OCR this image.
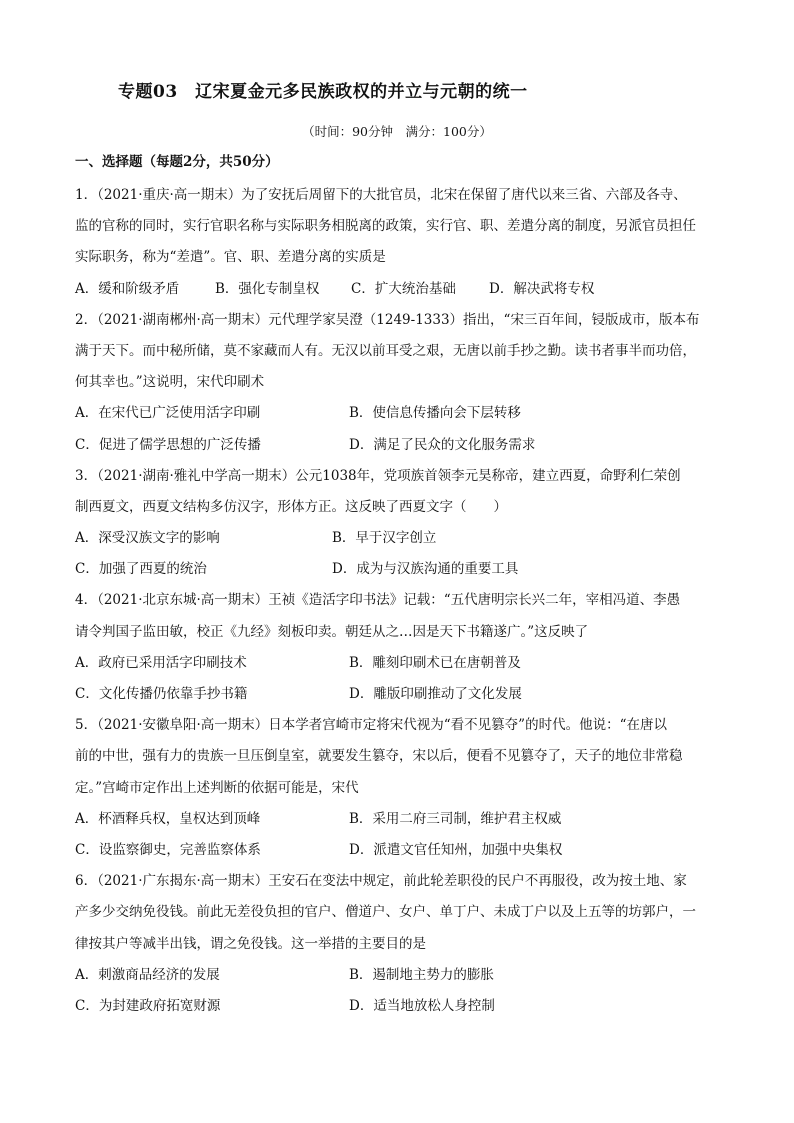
专题03　辽宋夏金元多民族政权的并立与元朝的统一
（时间：90分钟　满分：100分）
一、选择题（每题2分，共50分）
1．（2021·重庆·高一期末）为了安抚后周留下的大批官员，北宋在保留了唐代以来三省、六部及各寺、
监的官称的同时，实行官职名称与实际职务相脱离的政策，实行官、职、差遣分离的制度，另派官员担任
实际职务，称为“差遣”。官、职、差遣分离的实质是
A．缓和阶级矛盾	B．强化专制皇权 C．扩大统治基础 D．解决武将专权
2．（2021·湖南郴州·高一期末）元代理学家吴澄（1249-1333）指出，“宋三百年间，锓版成市，版本布
满于天下。而中秘所储，莫不家藏而人有。无汉以前耳受之艰，无唐以前手抄之勤。读书者事半而功倍，
何其幸也。”这说明，宋代印刷术
A．在宋代已广泛使用活字印刷	B．使信息传播向会下层转移
C．促进了儒学思想的广泛传播	D．满足了民众的文化服务需求
3．（2021·湖南·雅礼中学高一期末）公元1038年，党项族首领李元昊称帝，建立西夏，命野利仁荣创
制西夏文，西夏文结构多仿汉字，形体方正。这反映了西夏文字（　　）
A．深受汉族文字的影响	B．早于汉字创立
C．加强了西夏的统治	D．成为与汉族沟通的重要工具
4．（2021·北京东城·高一期末）王祯《造活字印书法》记载：“五代唐明宗长兴二年，宰相冯道、李愚
请令判国子监田敏，校正《九经》刻板印卖。朝廷从之…因是天下书籍遂广。”这反映了
A．政府已采用活字印刷技术	B．雕刻印刷术已在唐朝普及
C．文化传播仍依靠手抄书籍	D．雕版印刷推动了文化发展
5．（2021·安徽阜阳·高一期末）日本学者宫崎市定将宋代视为“看不见篡夺”的时代。他说：“在唐以
前的中世，强有力的贵族一旦压倒皇室，就要发生篡夺，宋以后，便看不见篡夺了，天子的地位非常稳
定。”宫崎市定作出上述判断的依据可能是，宋代
A．杯酒释兵权，皇权达到顶峰	B．采用二府三司制，维护君主权威
C．设监察御史，完善监察体系	D．派遣文官任知州，加强中央集权
6．（2021·广东揭东·高一期末）王安石在变法中规定，前此轮差职役的民户不再服役，改为按土地、家
产多少交纳免役钱。前此无差役负担的官户、僧道户、女户、单丁户、未成丁户以及上五等的坊郭户，一
律按其户等减半出钱，谓之免役钱。这一举措的主要目的是
A．刺激商品经济的发展	B．遏制地主势力的膨胀
C．为封建政府拓宽财源	D．适当地放松人身控制
